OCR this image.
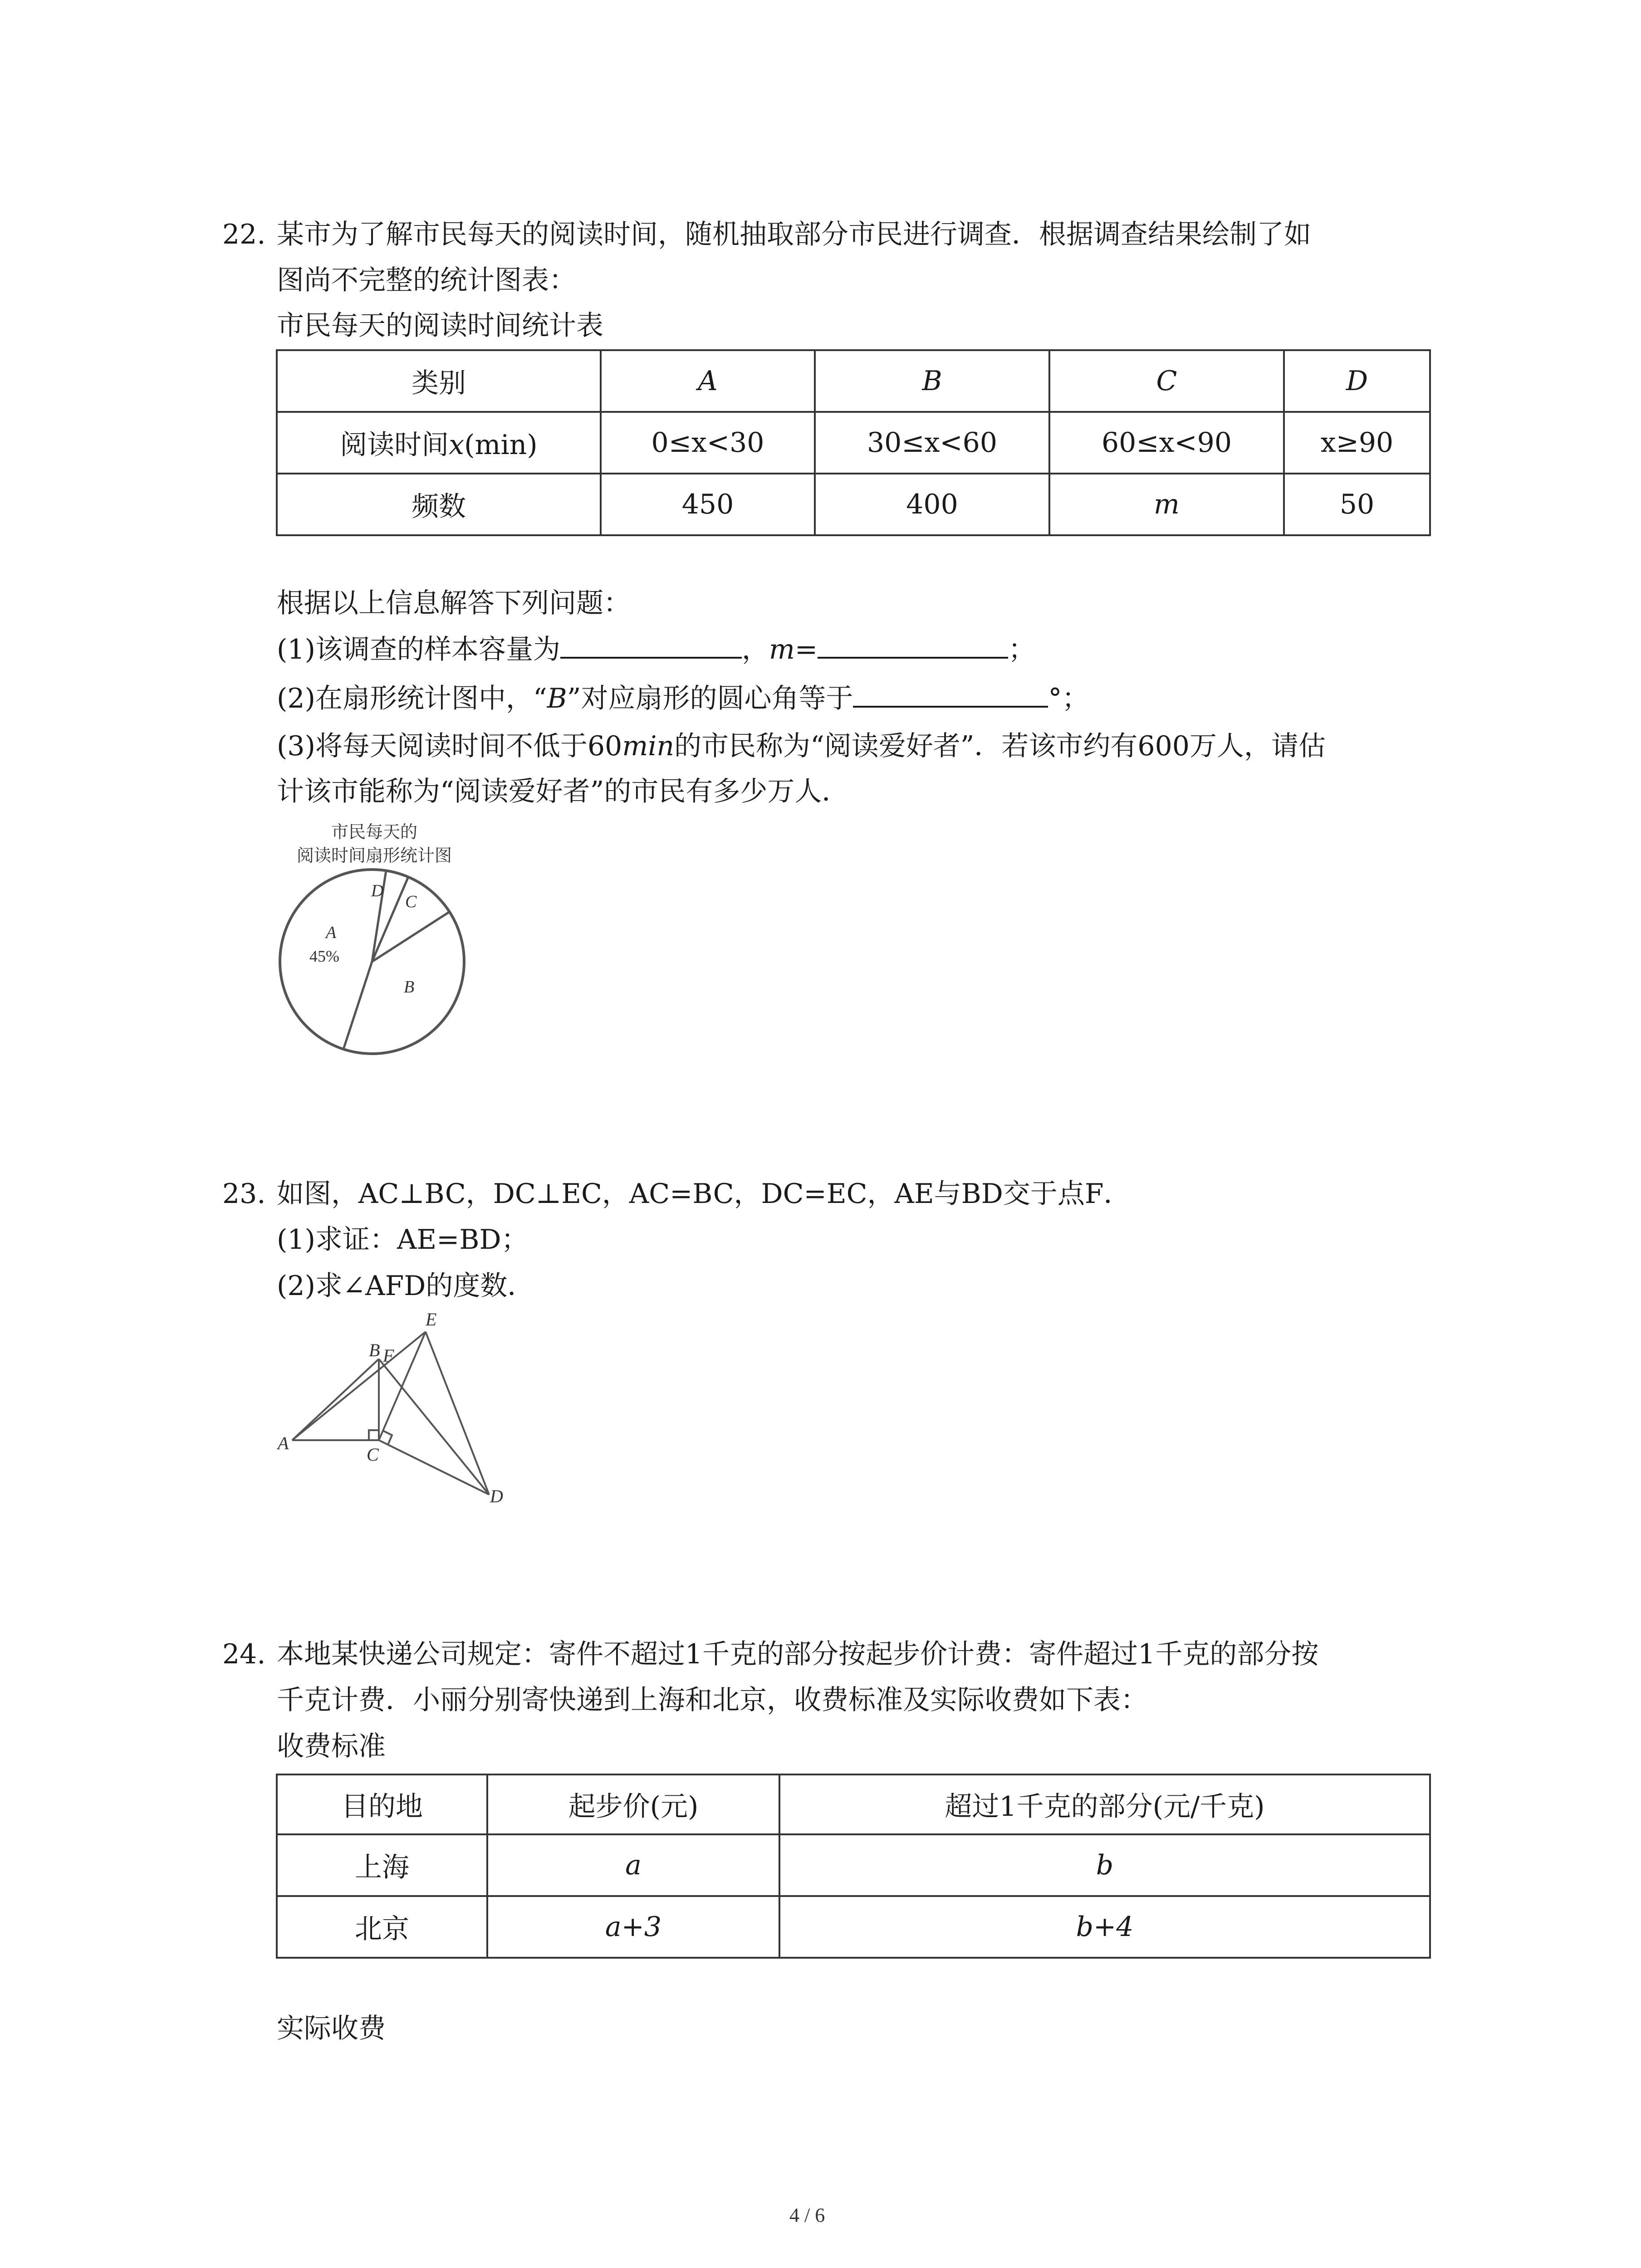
22. 某市为了解市民每天的阅读时间，随机抽取部分市民进行调查．根据调查结果绘制了如
图尚不完整的统计图表：
市民每天的阅读时间统计表
类别	A	B	C	D
阅读时间x(min)	0≤x<30	30≤x<60	60≤x<90	x≥90
频数	450	400	m	50
根据以上信息解答下列问题：
(1)该调查的样本容量为	，m=	；
(2)在扇形统计图中，“B”对应扇形的圆心角等于	°；
(3)将每天阅读时间不低于60min的市民称为“阅读爱好者”．若该市约有600万人，请估
计该市能称为“阅读爱好者”的市民有多少万人．
市民每天的
阅读时间扇形统计图
A
45%
B
C
D
23. 如图，AC⊥BC，DC⊥EC，AC=BC，DC=EC，AE与BD交于点F．
(1)求证：AE=BD；
(2)求∠AFD的度数．
A
B F
E
C
D
24. 本地某快递公司规定：寄件不超过1千克的部分按起步价计费：寄件超过1千克的部分按
千克计费．小丽分别寄快递到上海和北京，收费标准及实际收费如下表：
收费标准
目的地	起步价(元)	超过1千克的部分(元/千克)
上海	a	b
北京	a+3	b+4
实际收费
4 / 6
